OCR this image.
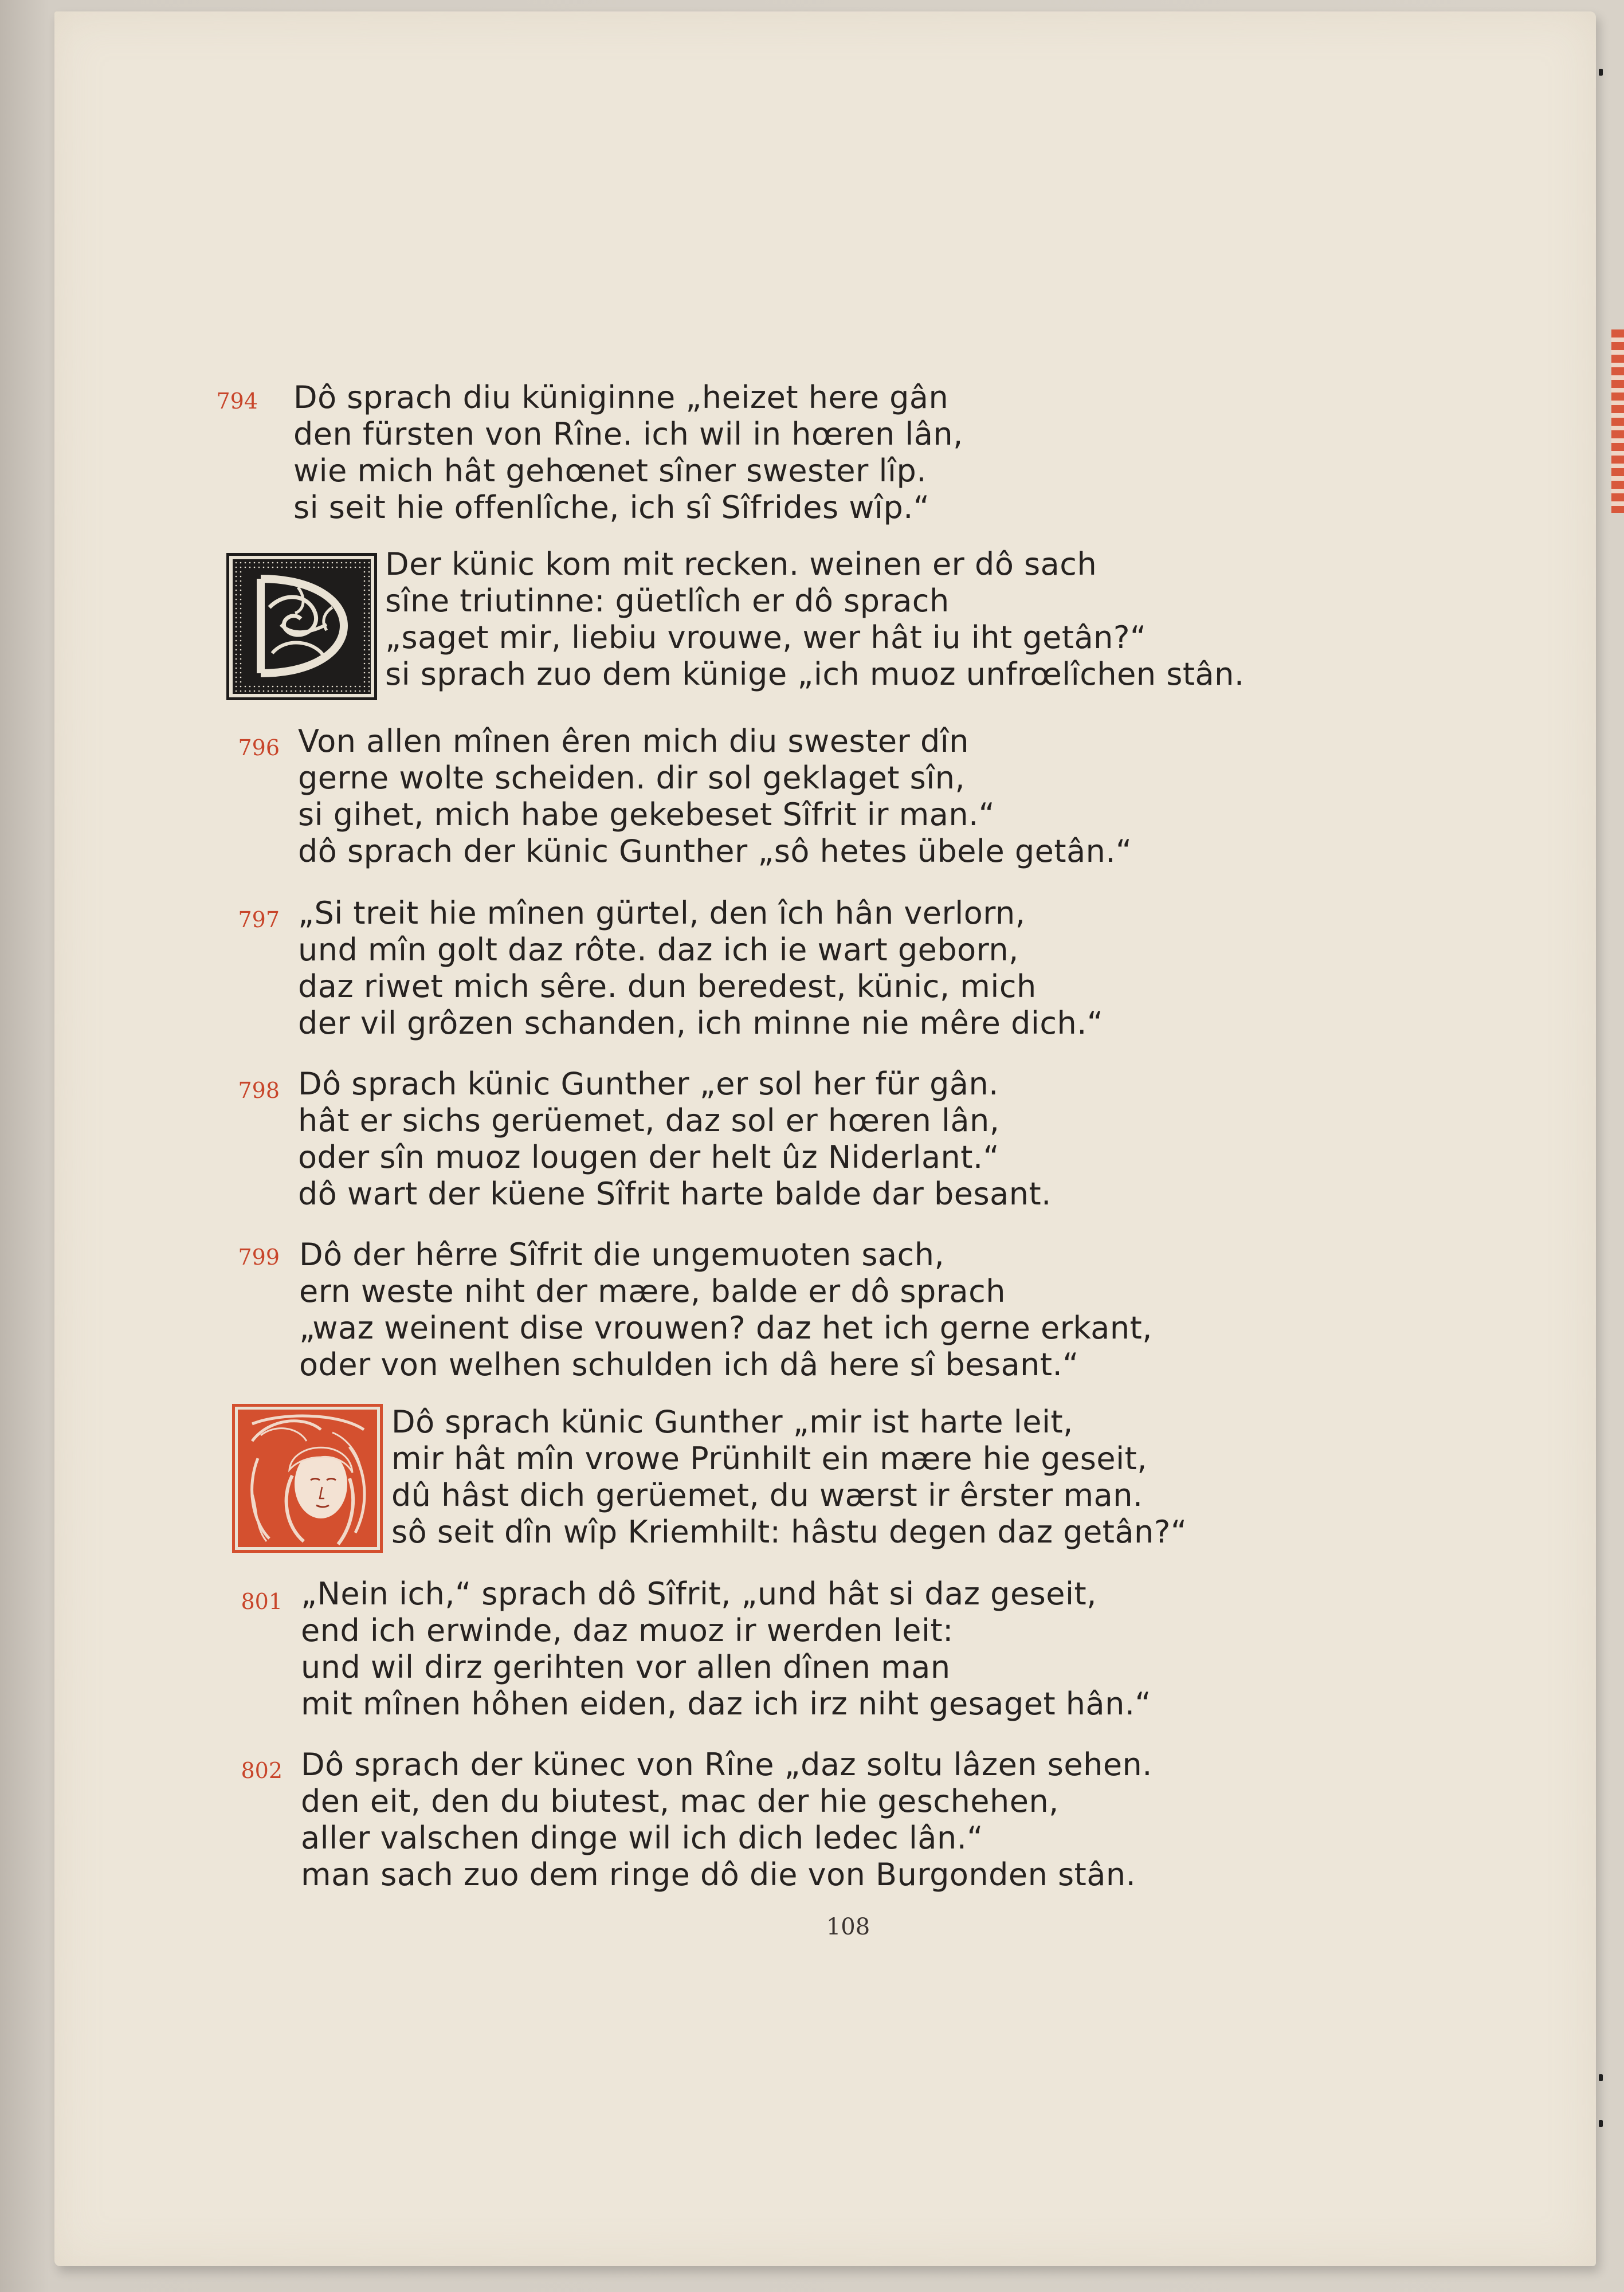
794 Dô sprach diu küniginne „heizet here gân
den fürsten von Rîne. ich wil in hœren lân,
wie mich hât gehœnet sîner swester lîp.
si seit hie offenlîche, ich sî Sîfrides wîp.“
Der künic kom mit recken. weinen er dô sach
sîne triutinne: güetlîch er dô sprach
„saget mir, liebiu vrouwe, wer hât iu iht getân?“
si sprach zuo dem künige „ich muoz unfrœlîchen stân.
796 Von allen mînen êren mich diu swester dîn
gerne wolte scheiden. dir sol geklaget sîn,
si gihet, mich habe gekebeset Sîfrit ir man.“
dô sprach der künic Gunther „sô hetes übele getân.“
797 „Si treit hie mînen gürtel, den îch hân verlorn,
und mîn golt daz rôte. daz ich ie wart geborn,
daz riwet mich sêre. dun beredest, künic, mich
der vil grôzen schanden, ich minne nie mêre dich.“
798 Dô sprach künic Gunther „er sol her für gân.
hât er sichs gerüemet, daz sol er hœren lân,
oder sîn muoz lougen der helt ûz Niderlant.“
dô wart der küene Sîfrit harte balde dar besant.
799 Dô der hêrre Sîfrit die ungemuoten sach,
ern weste niht der mære, balde er dô sprach
„waz weinent dise vrouwen? daz het ich gerne erkant,
oder von welhen schulden ich dâ here sî besant.“
Dô sprach künic Gunther „mir ist harte leit,
mir hât mîn vrowe Prünhilt ein mære hie geseit,
dû hâst dich gerüemet, du wærst ir êrster man.
sô seit dîn wîp Kriemhilt: hâstu degen daz getân?“
801 „Nein ich,“ sprach dô Sîfrit, „und hât si daz geseit,
end ich erwinde, daz muoz ir werden leit:
und wil dirz gerihten vor allen dînen man
mit mînen hôhen eiden, daz ich irz niht gesaget hân.“
802 Dô sprach der künec von Rîne „daz soltu lâzen sehen.
den eit, den du biutest, mac der hie geschehen,
aller valschen dinge wil ich dich ledec lân.“
man sach zuo dem ringe dô die von Burgonden stân.
108
